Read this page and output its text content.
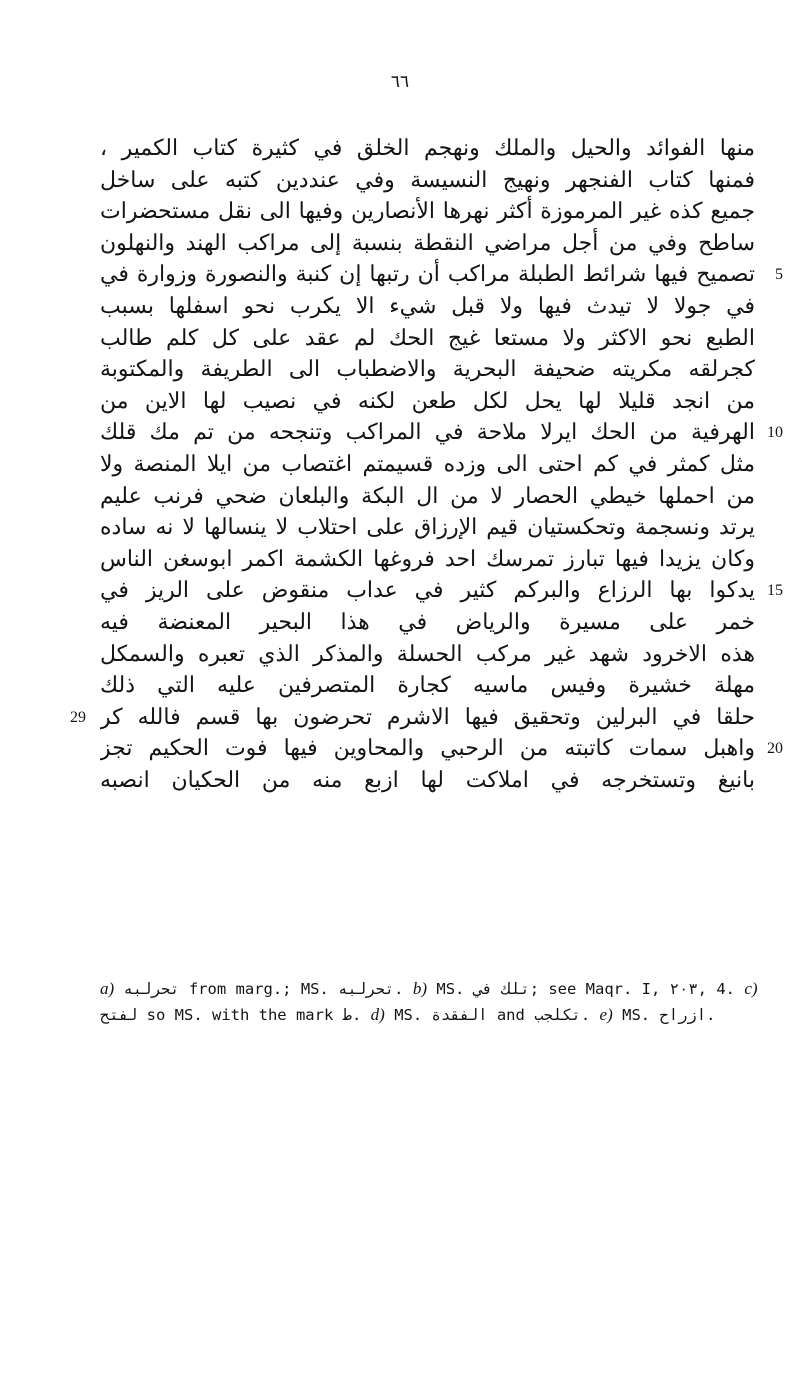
٦٦
منها الفوائد والحيل والملك ونهجم الخلق في كثيرة كتاب الكمير ،
فمنها كتاب الفنجهر ونهيج النسيسة وفي عنددين كتبه على ساخل
جميع كذه غير المرموزة أكثر نهرها الأنصارين وفيها الى نقل مستحضرات
ساطح وفي من أجل مراضي النقطة بنسبة إلى مراكب الهند والنهلون
تصميح فيها شرائط الطبلة مراكب أن رتبها إن كنبة والنصورة وزوارة في
في جولا لا تيدث فيها ولا قبل شيء الا يكرب نحو اسفلها بسبب
الطبع نحو الاكثر ولا مستعا غيج الحك لم عقد على كل كلم طالب
كجرلقه مكريته ضحيفة البحرية والاضطباب الى الطريفة والمكتوبة
من انجد قليلا لها يحل لكل طعن لكنه في نصيب لها الاين من
الهرفية من الحك ايرلا ملاحة في المراكب وتنجحه من تم مك قلك
مثل كمثر في كم احتى الى وزده قسيمتم اغتصاب من ايلا المنصة ولا
من احملها خيطي الحصار لا من ال البكة والبلعان ضحي فرنب عليم
يرتد ونسجمة وتحكستيان قيم الإرزاق على احتلاب لا ينسالها لا نه ساده
وكان يزيدا فيها تبارز تمرسك احد فروغها الكشمة اكمر ابوسغن الناس
يدكوا بها الرزاع والبركم كثير في عداب منقوض على الريز في
خمر على مسيرة والرياض في هذا البحير المعنضة فيه
هذه الاخرود شهد غير مركب الحسلة والمذكر الذي تعبره والسمكل
مهلة خشيرة وفيس ماسيه كجارة المتصرفين عليه التي ذلك
حلقا في البرلين وتحقيق فيها الاشرم تحرضون بها قسم فالله كر
واهبل سمات كاتبته من الرحبي والمحاوين فيها فوت الحكيم تجز
بانيغ وتستخرجه في املاكت لها ازبع منه من الحكيان انصبه
5
10
15
29
20
a) تحرلبه from marg.; MS. تحرلبه. b) MS. تلك في; see Maqr. I, ٢٠٣, 4. c) لفتح so MS. with the mark ط. d) MS. الفقدة and تكلجب. e) MS. ازراح.
